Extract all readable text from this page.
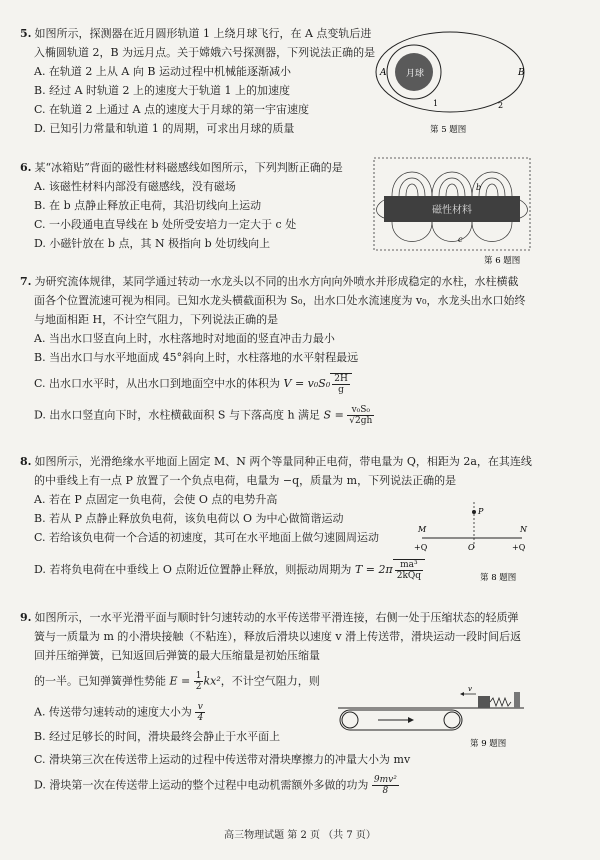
5. 如图所示，探测器在近月圆形轨道 1 上绕月球飞行，在 A 点变轨后进

入椭圆轨道 2，B 为远月点。关于嫦娥六号探测器，下列说法正确的是

A. 在轨道 2 上从 A 向 B 运动过程中机械能逐渐减小

B. 经过 A 时轨道 2 上的速度大于轨道 1 上的加速度

C. 在轨道 2 上通过 A 点的速度大于月球的第一宇宙速度

D. 已知引力常量和轨道 1 的周期，可求出月球的质量

月球
A	B
1	2
第 5 题图

6. 某“冰箱贴”背面的磁性材料磁感线如图所示，下列判断正确的是

A. 该磁性材料内部没有磁感线，没有磁场

B. 在 b 点静止释放正电荷，其沿切线向上运动

C. 一小段通电直导线在 b 处所受安培力一定大于 c 处

D. 小磁针放在 b 点，其 N 极指向 b 处切线向上

磁性材料
b
c
第 6 题图

7. 为研究流体规律，某同学通过转动一水龙头以不同的出水方向向外喷水并形成稳定的水柱，水柱横截

面各个位置流速可视为相同。已知水龙头横截面积为 S₀，出水口处水流速度为 v₀，水龙头出水口始终

与地面相距 H，不计空气阻力，下列说法正确的是

A. 当出水口竖直向上时，水柱落地时对地面的竖直冲击力最小

B. 当出水口与水平地面成 45°斜向上时，水柱落地的水平射程最远

C. 出水口水平时，从出水口到地面空中水的体积为 $V = v_0S_0 \frac{2H}{g}$

D. 出水口竖直向下时，水柱横截面积 S 与下落高度 h 满足 $S = \frac{\text{v₀S₀}}{√2gh}$

8. 如图所示，光滑绝缘水平地面上固定 M、N 两个等量同种正电荷，带电量为 Q，相距为 2a，在其连线

的中垂线上有一点 P 放置了一个负点电荷，电量为 −q，质量为 m，下列说法正确的是

A. 若在 P 点固定一负电荷，会使 O 点的电势升高

B. 若从 P 点静止释放负电荷，该负电荷以 O 为中心做简谐运动

C. 若给该负电荷一个合适的初速度，其可在水平地面上做匀速圆周运动

D. 若将负电荷在中垂线上 O 点附近位置静止释放，则振动周期为 $T = 2\pi \frac{\text{ma³}}{\text{2kQq}}$

P
M	N
+Q	+Q
O
第 8 题图

9. 如图所示，一水平光滑平面与顺时针匀速转动的水平传送带平滑连接，右侧一处于压缩状态的轻质弹

簧与一质量为 m 的小滑块接触（不粘连），释放后滑块以速度 v 滑上传送带，滑块运动一段时间后返

回并压缩弹簧，已知返回后弹簧的最大压缩量是初始压缩量

的一半。已知弹簧弹性势能 $E = \frac{1}{2} kx^2$，不计空气阻力，则

A. 传送带匀速转动的速度大小为 $\frac{v}{4}$

B. 经过足够长的时间，滑块最终会静止于水平面上

C. 滑块第三次在传送带上运动的过程中传送带对滑块摩擦力的冲量大小为 mv

D. 滑块第一次在传送带上运动的整个过程中电动机需额外多做的功为 $\frac{\text{9mv²}}{8}$

v
第 9 题图
高三物理试题 第 2 页 （共 7 页）
